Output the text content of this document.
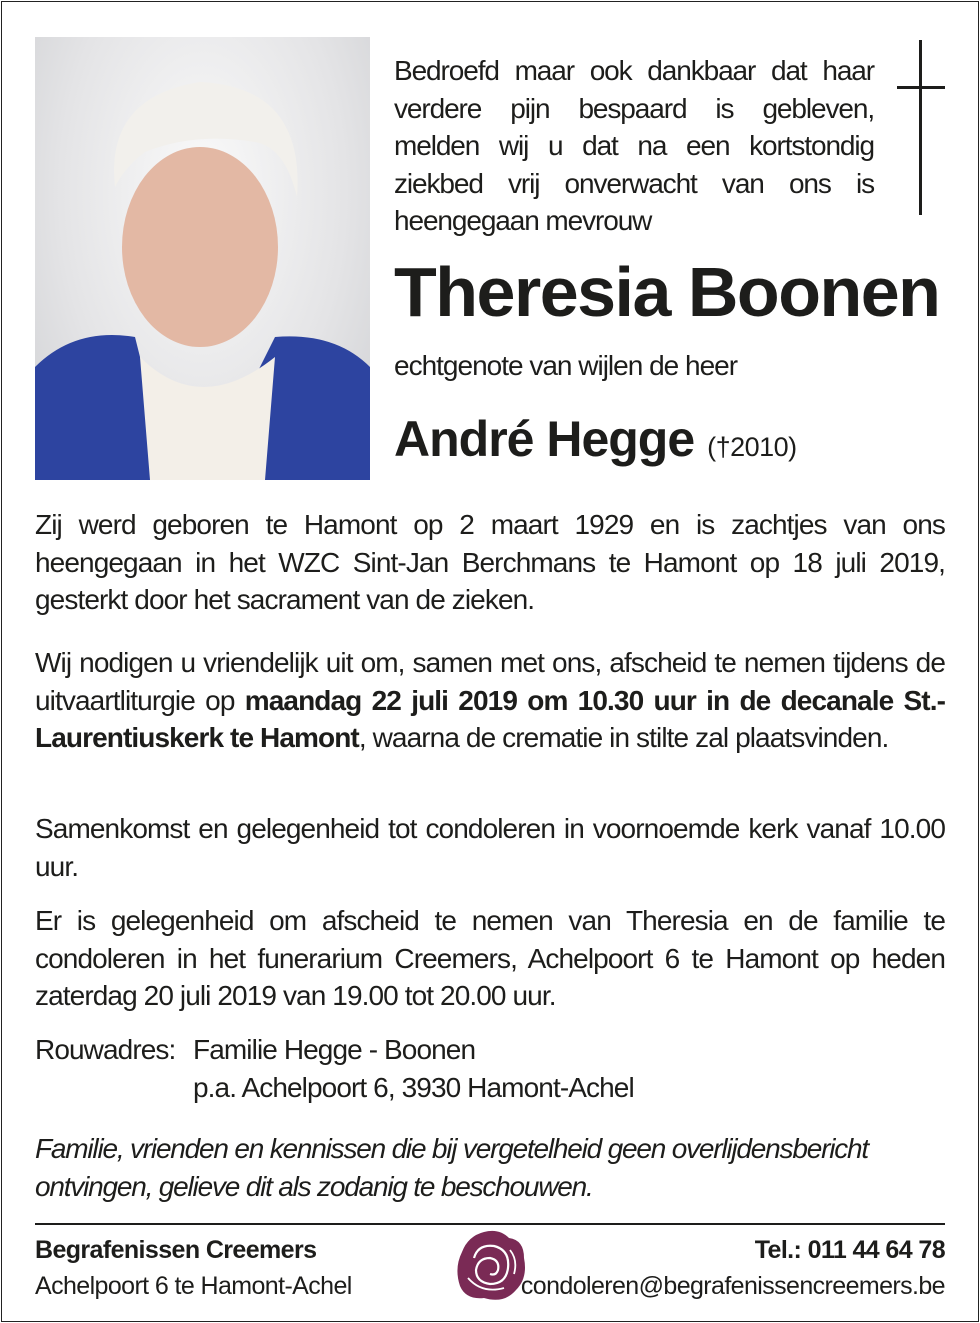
Bedroefd maar ook dankbaar dat haar verdere pijn bespaard is gebleven, melden wij u dat na een kortstondig ziekbed vrij onverwacht van ons is heengegaan mevrouw
Theresia Boonen
echtgenote van wijlen de heer
André Hegge (†2010)

Zij werd geboren te Hamont op 2 maart 1929 en is zachtjes van ons heengegaan in het WZC Sint-Jan Berchmans te Hamont op 18 juli 2019, gesterkt door het sacrament van de zieken.

Wij nodigen u vriendelijk uit om, samen met ons, afscheid te nemen tijdens de uitvaartliturgie op maandag 22 juli 2019 om 10.30 uur in de decanale St.-Laurentiuskerk te Hamont, waarna de crematie in stilte zal plaatsvinden.

Samenkomst en gelegenheid tot condoleren in voornoemde kerk vanaf 10.00 uur.

Er is gelegenheid om afscheid te nemen van Theresia en de familie te condoleren in het funerarium Creemers, Achelpoort 6 te Hamont op heden zaterdag 20 juli 2019 van 19.00 tot 20.00 uur.

Rouwadres: Familie Hegge - Boonen
p.a. Achelpoort 6, 3930 Hamont-Achel
Familie, vrienden en kennissen die bij vergetelheid geen overlijdensbericht ontvingen, gelieve dit als zodanig te beschouwen.
Begrafenissen Creemers
Achelpoort 6 te Hamont-Achel
Tel.: 011 44 64 78
condoleren@begrafenissencreemers.be
